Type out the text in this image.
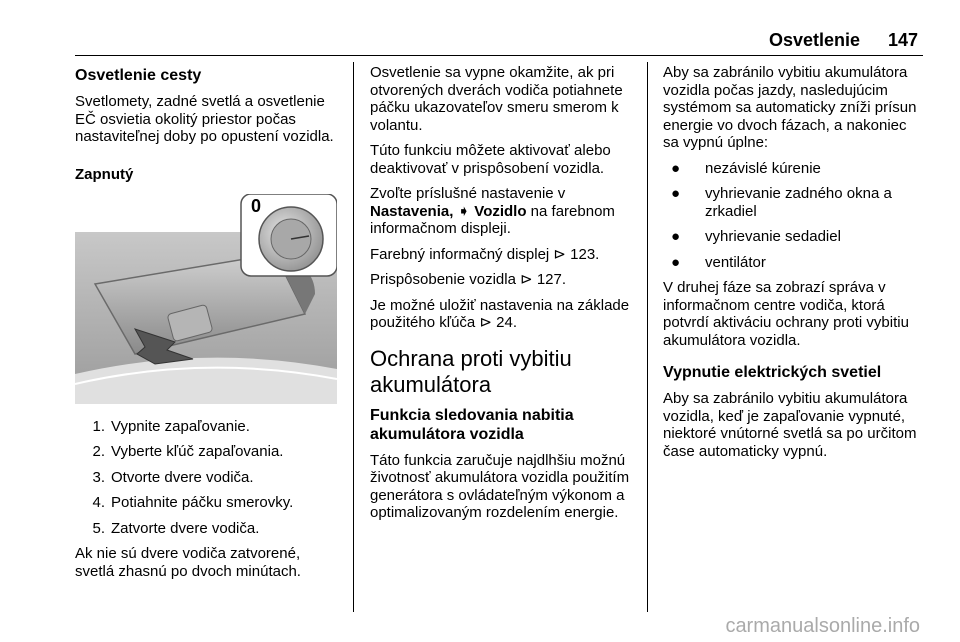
Osvetlenie 147
Osvetlenie cesty

Svetlomety, zadné svetlá a osvetlenie EČ osvietia okolitý priestor počas nastaviteľnej doby po opustení vozidla.

Zapnutý
0
1. Vypnite zapaľovanie.
2. Vyberte kľúč zapaľovania.
3. Otvorte dvere vodiča.
4. Potiahnite páčku smerovky.
5. Zatvorte dvere vodiča.

Ak nie sú dvere vodiča zatvorené, svetlá zhasnú po dvoch minútach.

Osvetlenie sa vypne okamžite, ak pri otvorených dverách vodiča potiahnete páčku ukazovateľov smeru smerom k volantu.

Túto funkciu môžete aktivovať alebo deaktivovať v prispôsobení vozidla.

Zvoľte príslušné nastavenie v
Nastavenia, ➧ Vozidlo na farebnom informačnom displeji.

Farebný informačný displej ⊳ 123.

Prispôsobenie vozidla ⊳ 127.

Je možné uložiť nastavenia na základe použitého kľúča ⊳ 24.

Ochrana proti vybitiu akumulátora
Funkcia sledovania nabitia akumulátora vozidla

Táto funkcia zaručuje najdlhšiu možnú životnosť akumulátora vozidla použitím generátora s ovládateľným výkonom a optimalizovaným rozdelením energie.

Aby sa zabránilo vybitiu akumulátora vozidla počas jazdy, nasledujúcim systémom sa automaticky zníži prísun energie vo dvoch fázach, a nakoniec sa vypnú úplne:

●	nezávislé kúrenie
●	vyhrievanie zadného okna a zrkadiel
●	vyhrievanie sedadiel
●	ventilátor

V druhej fáze sa zobrazí správa v informačnom centre vodiča, ktorá potvrdí aktiváciu ochrany proti vybitiu akumulátora vozidla.

Vypnutie elektrických svetiel

Aby sa zabránilo vybitiu akumulátora vozidla, keď je zapaľovanie vypnuté, niektoré vnútorné svetlá sa po určitom čase automaticky vypnú.

carmanualsonline.info
